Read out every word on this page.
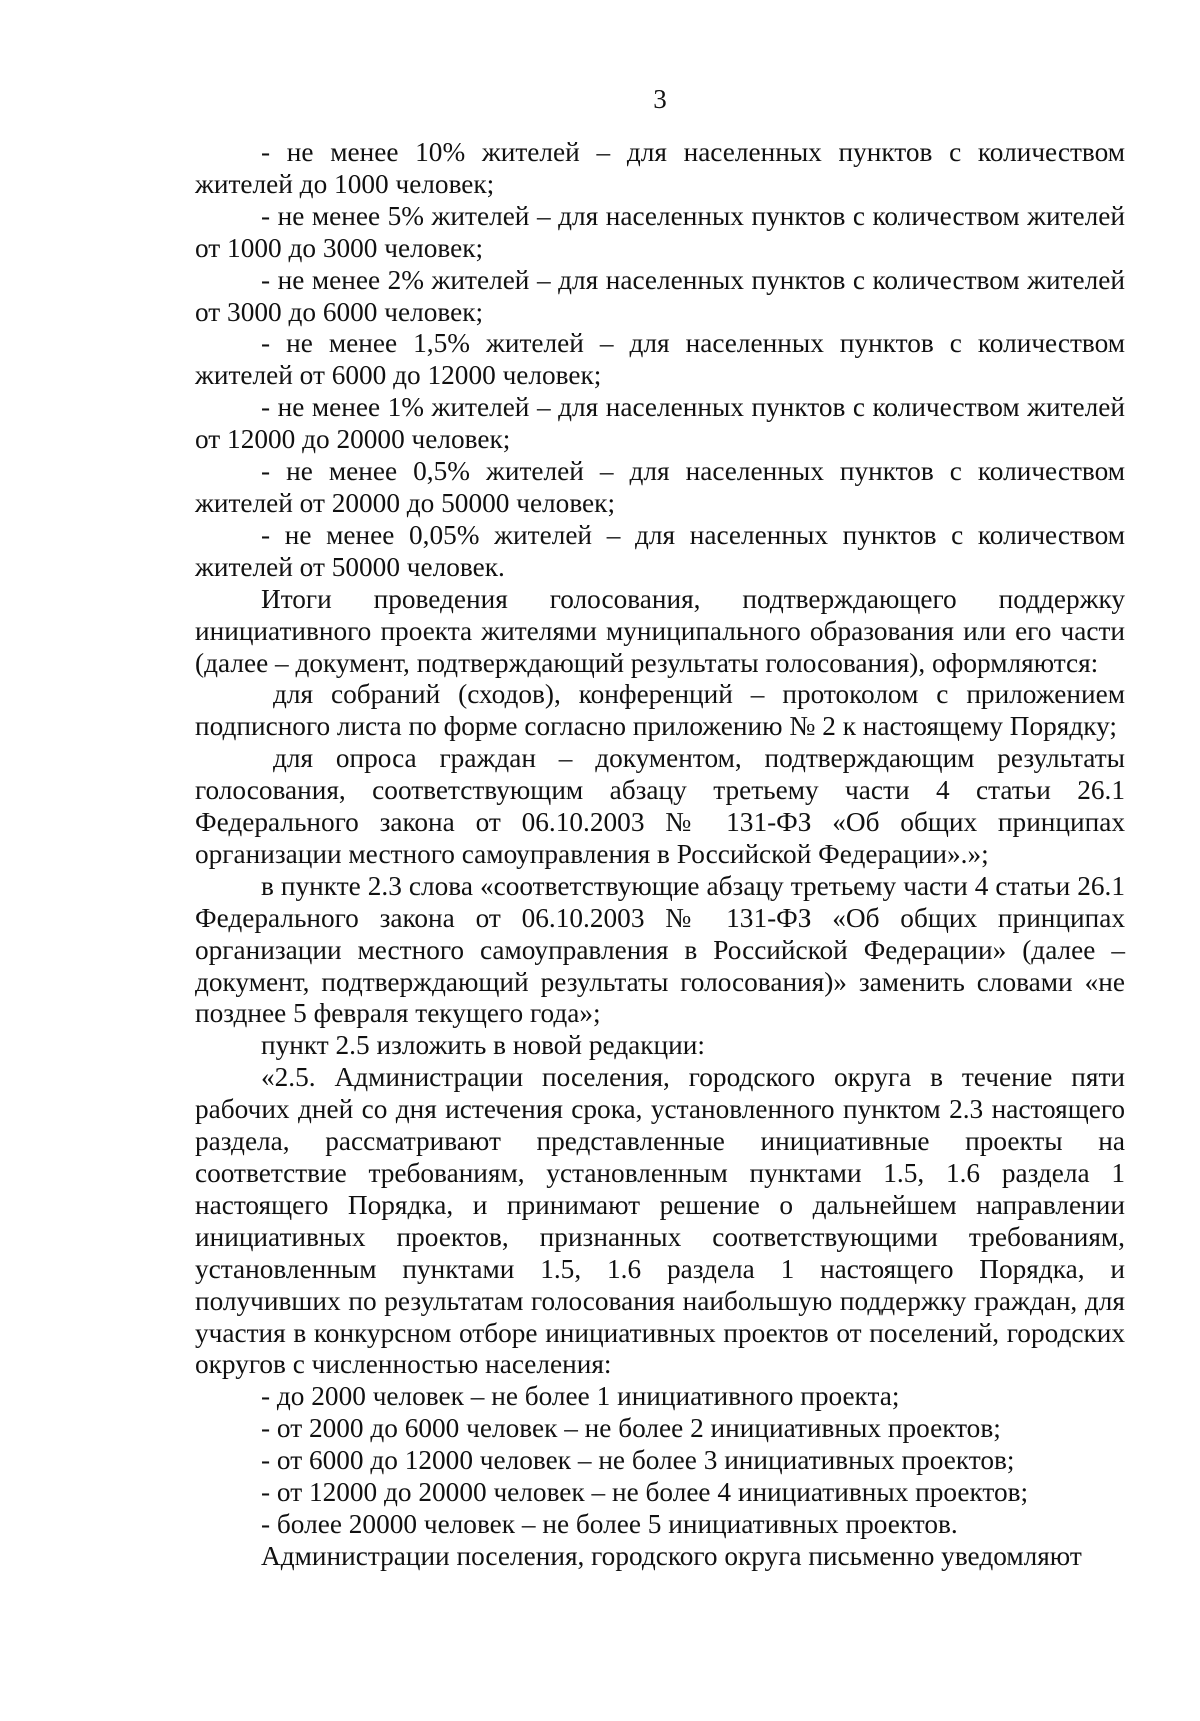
3

- не менее 10% жителей – для населенных пунктов с количеством жителей до 1000 человек;

- не менее 5% жителей – для населенных пунктов с количеством жителей от 1000 до 3000 человек;

- не менее 2% жителей – для населенных пунктов с количеством жителей от 3000 до 6000 человек;

- не менее 1,5% жителей – для населенных пунктов с количеством жителей от 6000 до 12000 человек;

- не менее 1% жителей – для населенных пунктов с количеством жителей от 12000 до 20000 человек;

- не менее 0,5% жителей – для населенных пунктов с количеством жителей от 20000 до 50000 человек;

- не менее 0,05% жителей – для населенных пунктов с количеством жителей от 50000 человек.

Итоги проведения голосования, подтверждающего поддержку инициативного проекта жителями муниципального образования или его части (далее – документ, подтверждающий результаты голосования), оформляются:

для собраний (сходов), конференций – протоколом с приложением подписного листа по форме согласно приложению № 2 к настоящему Порядку;

для опроса граждан – документом, подтверждающим результаты голосования, соответствующим абзацу третьему части 4 статьи 26.1 Федерального закона от 06.10.2003 № 131-ФЗ «Об общих принципах организации местного самоуправления в Российской Федерации».»;

в пункте 2.3 слова «соответствующие абзацу третьему части 4 статьи 26.1 Федерального закона от 06.10.2003 № 131-ФЗ «Об общих принципах организации местного самоуправления в Российской Федерации» (далее – документ, подтверждающий результаты голосования)» заменить словами «не позднее 5 февраля текущего года»;

пункт 2.5 изложить в новой редакции:

«2.5. Администрации поселения, городского округа в течение пяти рабочих дней со дня истечения срока, установленного пунктом 2.3 настоящего раздела, рассматривают представленные инициативные проекты на соответствие требованиям, установленным пунктами 1.5, 1.6 раздела 1 настоящего Порядка, и принимают решение о дальнейшем направлении инициативных проектов, признанных соответствующими требованиям, установленным пунктами 1.5, 1.6 раздела 1 настоящего Порядка, и получивших по результатам голосования наибольшую поддержку граждан, для участия в конкурсном отборе инициативных проектов от поселений, городских округов с численностью населения:

- до 2000 человек – не более 1 инициативного проекта;

- от 2000 до 6000 человек – не более 2 инициативных проектов;

- от 6000 до 12000 человек – не более 3 инициативных проектов;

- от 12000 до 20000 человек – не более 4 инициативных проектов;

- более 20000 человек – не более 5 инициативных проектов.

Администрации поселения, городского округа письменно уведомляют
